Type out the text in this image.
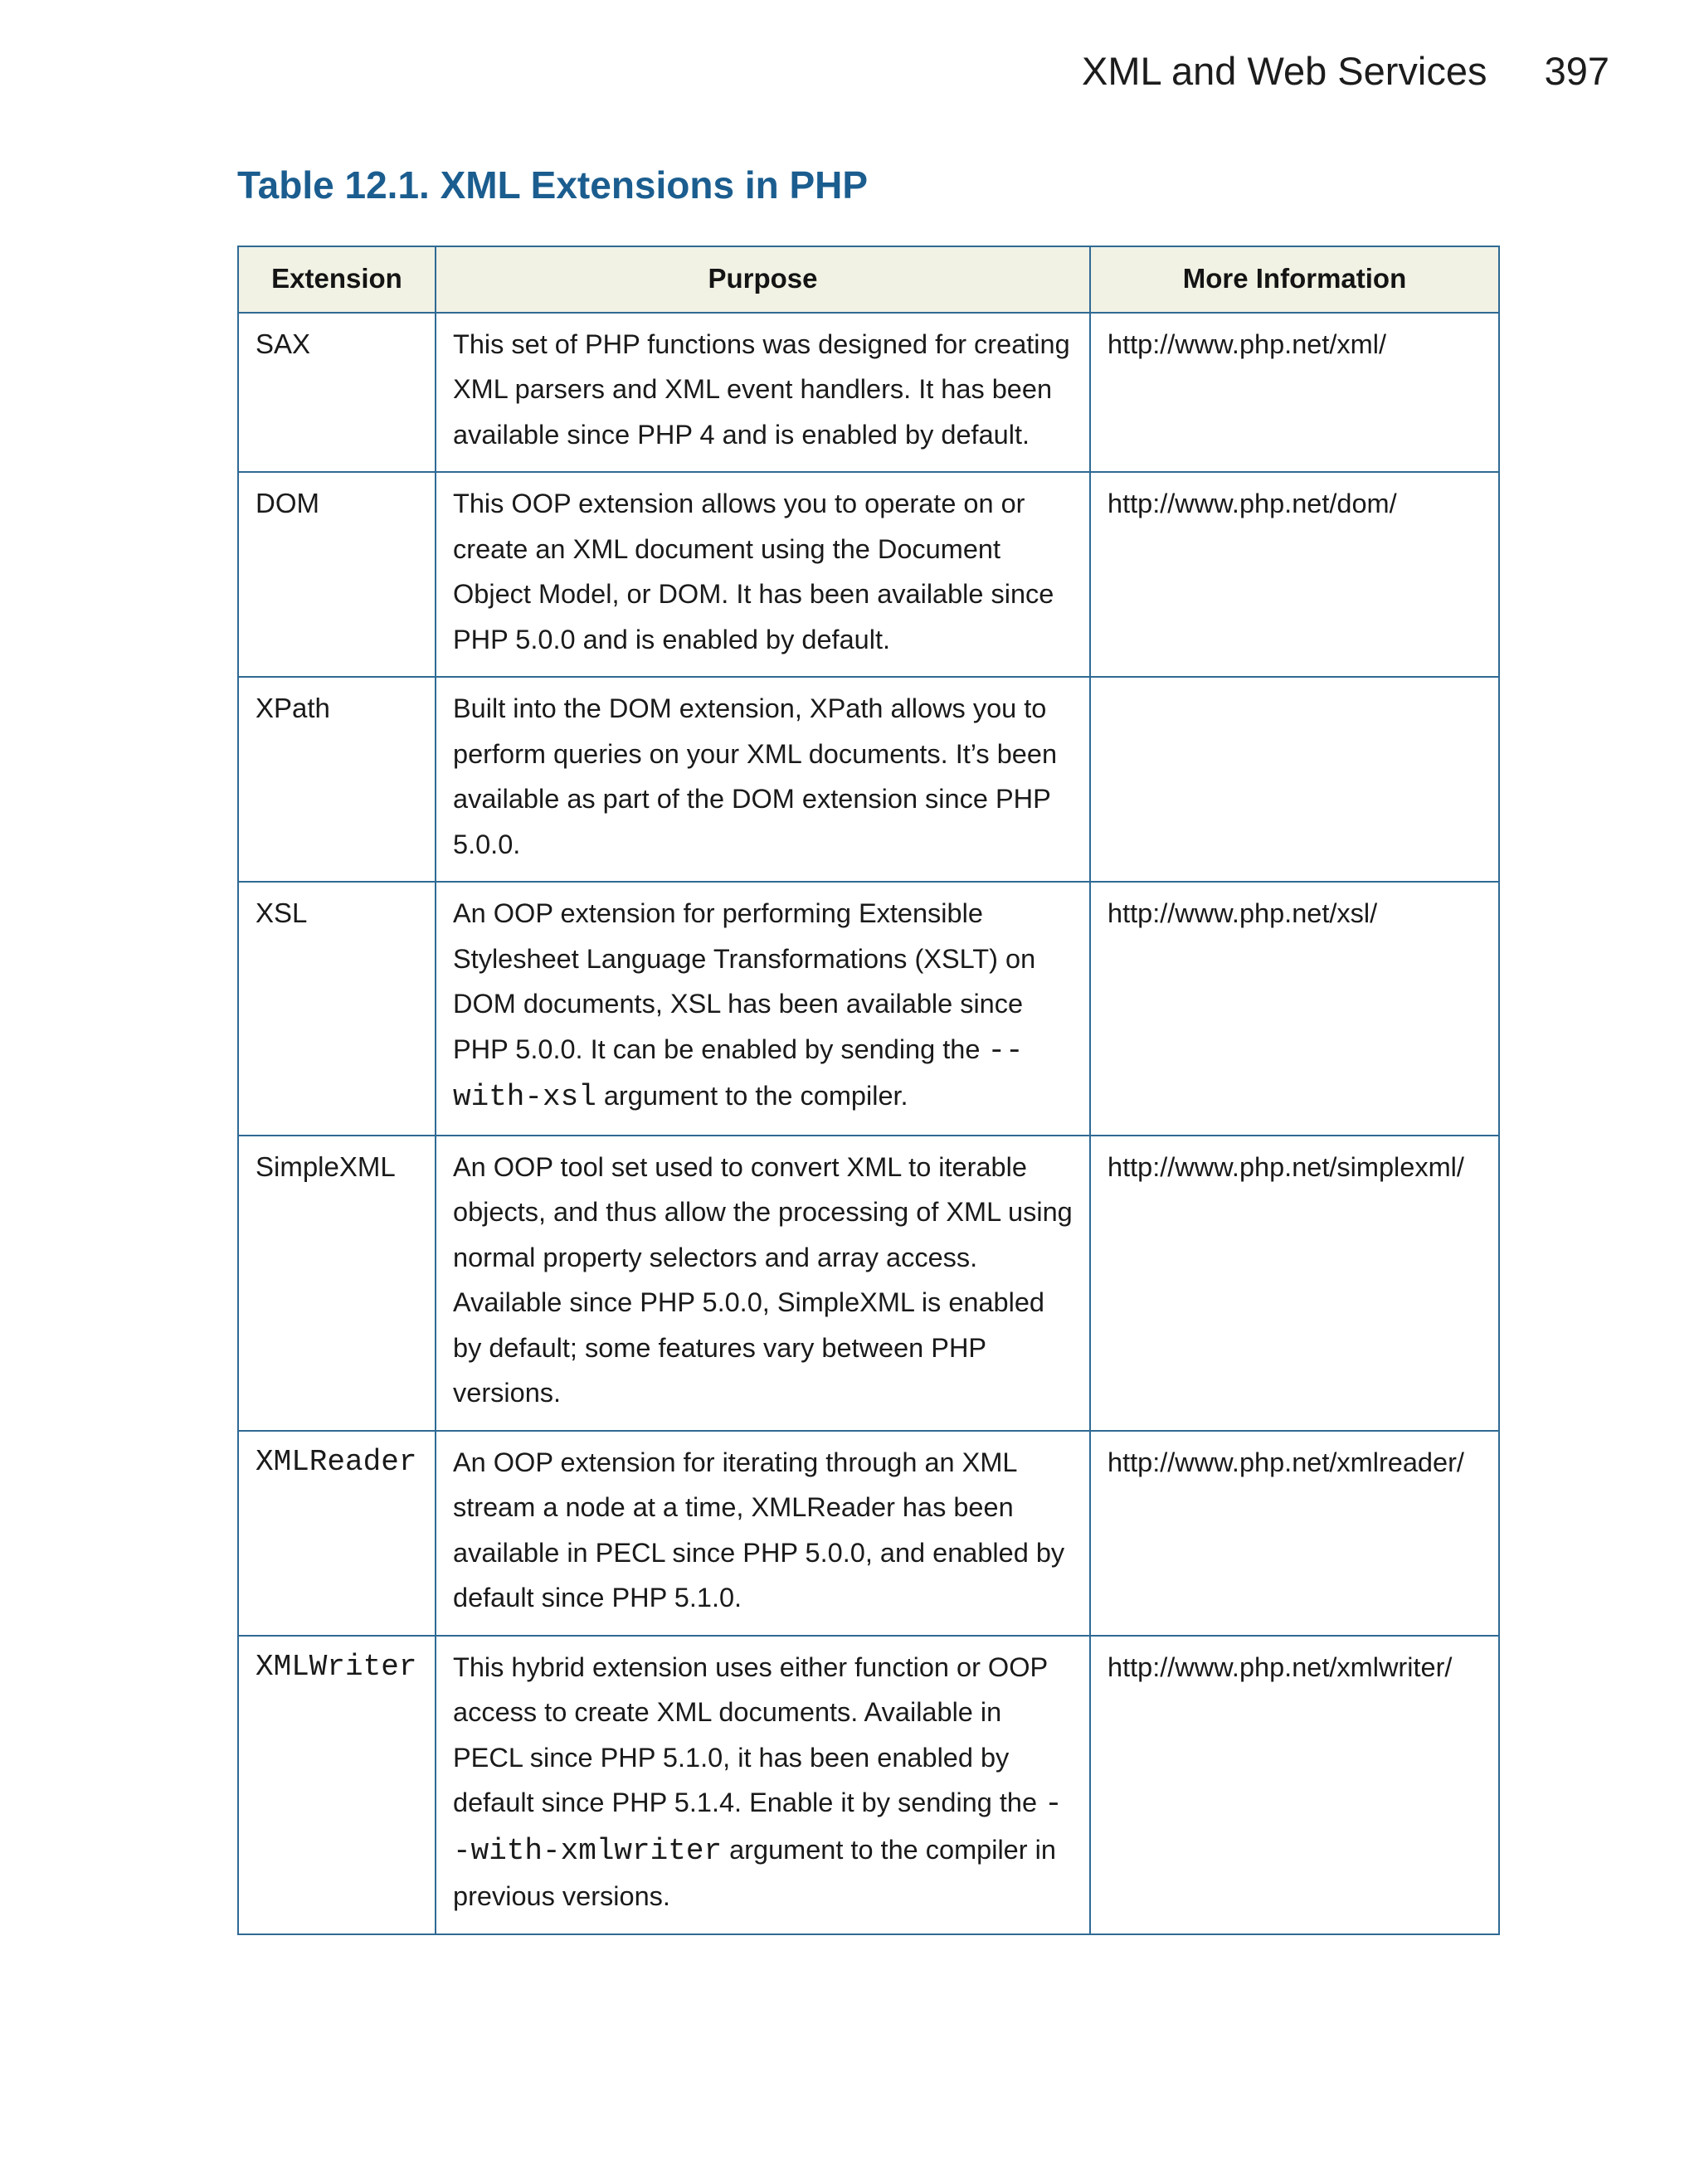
XML and Web Services 397
Table 12.1. XML Extensions in PHP
Extension	Purpose	More Information
SAX	This set of PHP functions was designed for creating XML parsers and XML event handlers. It has been available since PHP 4 and is enabled by default.	http://www.php.net/xml/
DOM	This OOP extension allows you to operate on or create an XML document using the Document Object Model, or DOM. It has been available since PHP 5.0.0 and is enabled by default.	http://www.php.net/dom/
XPath	Built into the DOM extension, XPath allows you to perform queries on your XML documents. It’s been available as part of the DOM extension since PHP 5.0.0.	
XSL	An OOP extension for performing Extensible Stylesheet Language Transformations (XSLT) on DOM documents, XSL has been available since PHP 5.0.0. It can be enabled by sending the --with-xsl argument to the compiler.	http://www.php.net/xsl/
SimpleXML	An OOP tool set used to convert XML to iterable objects, and thus allow the processing of XML using normal property selectors and array access. Available since PHP 5.0.0, SimpleXML is enabled by default; some features vary between PHP versions.	http://www.php.net/simplexml/
XMLReader	An OOP extension for iterating through an XML stream a node at a time, XMLReader has been available in PECL since PHP 5.0.0, and enabled by default since PHP 5.1.0.	http://www.php.net/xmlreader/
XMLWriter	This hybrid extension uses either function or OOP access to create XML documents. Available in PECL since PHP 5.1.0, it has been enabled by default since PHP 5.1.4. Enable it by sending the --with-xmlwriter argument to the compiler in previous versions.	http://www.php.net/xmlwriter/
